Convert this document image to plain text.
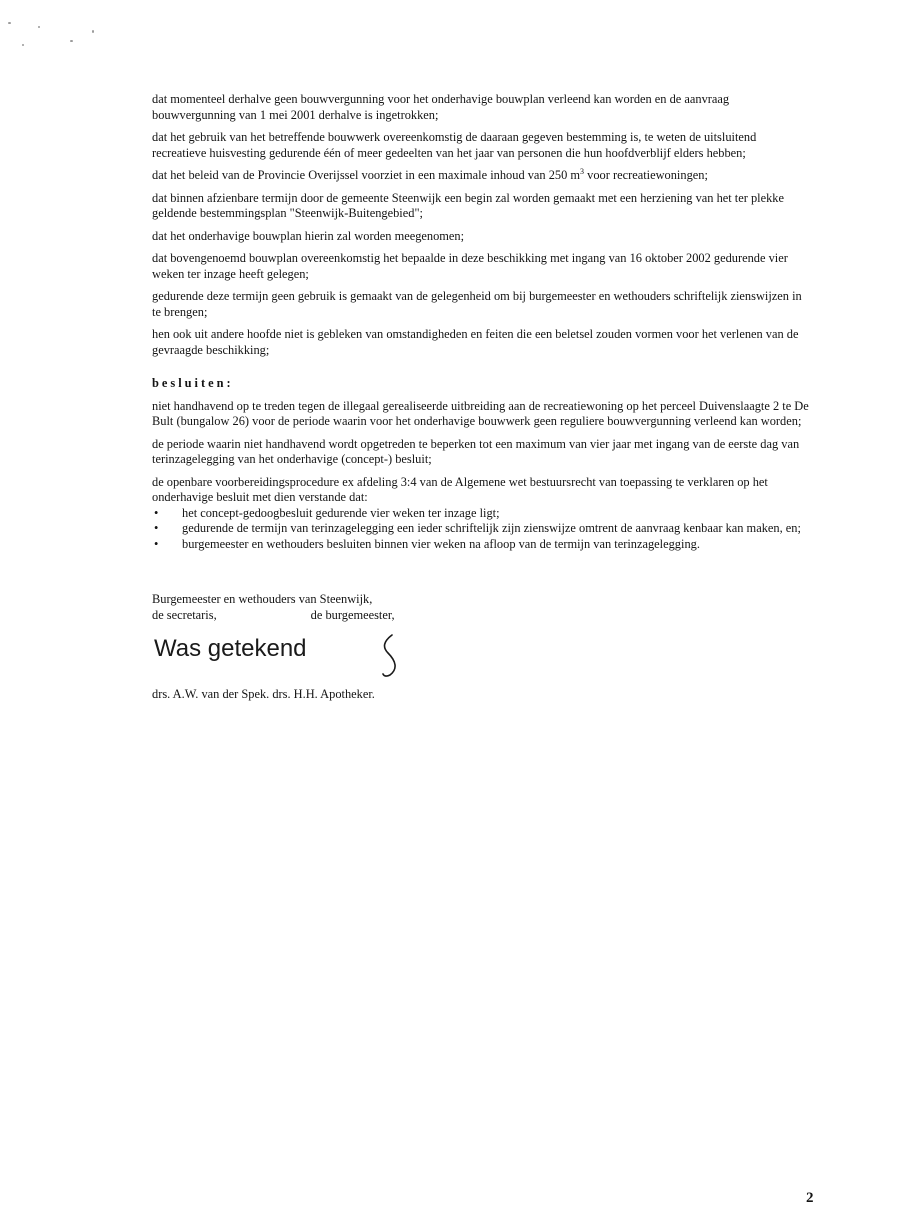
dat momenteel derhalve geen bouwvergunning voor het onderhavige bouwplan verleend kan worden en de aanvraag bouwvergunning van 1 mei 2001 derhalve is ingetrokken;

dat het gebruik van het betreffende bouwwerk overeenkomstig de daaraan gegeven bestemming is, te weten de uitsluitend recreatieve huisvesting gedurende één of meer gedeelten van het jaar van personen die hun hoofdverblijf elders hebben;

dat het beleid van de Provincie Overijssel voorziet in een maximale inhoud van 250 $m^3$ voor recreatiewoningen;

dat binnen afzienbare termijn door de gemeente Steenwijk een begin zal worden gemaakt met een herziening van het ter plekke geldende bestemmingsplan "Steenwijk-Buitengebied";

dat het onderhavige bouwplan hierin zal worden meegenomen;

dat bovengenoemd bouwplan overeenkomstig het bepaalde in deze beschikking met ingang van 16 oktober 2002 gedurende vier weken ter inzage heeft gelegen;

gedurende deze termijn geen gebruik is gemaakt van de gelegenheid om bij burgemeester en wethouders schriftelijk zienswijzen in te brengen;

hen ook uit andere hoofde niet is gebleken van omstandigheden en feiten die een beletsel zouden vormen voor het verlenen van de gevraagde beschikking;

besluiten:

niet handhavend op te treden tegen de illegaal gerealiseerde uitbreiding aan de recreatiewoning op het perceel Duivenslaagte 2 te De Bult (bungalow 26) voor de periode waarin voor het onderhavige bouwwerk geen reguliere bouwvergunning verleend kan worden;

de periode waarin niet handhavend wordt opgetreden te beperken tot een maximum van vier jaar met ingang van de eerste dag van terinzagelegging van het onderhavige (concept-) besluit;

de openbare voorbereidingsprocedure ex afdeling 3:4 van de Algemene wet bestuursrecht van toepassing te verklaren op het onderhavige besluit met dien verstande dat:

• het concept-gedoogbesluit gedurende vier weken ter inzage ligt;
• gedurende de termijn van terinzagelegging een ieder schriftelijk zijn zienswijze omtrent de aanvraag kenbaar kan maken, en;
• burgemeester en wethouders besluiten binnen vier weken na afloop van de termijn van terinzagelegging.

Burgemeester en wethouders van Steenwijk,

de secretaris,	de burgemeester,

Was getekend

drs. A.W. van der Spek. drs. H.H. Apotheker.

2
